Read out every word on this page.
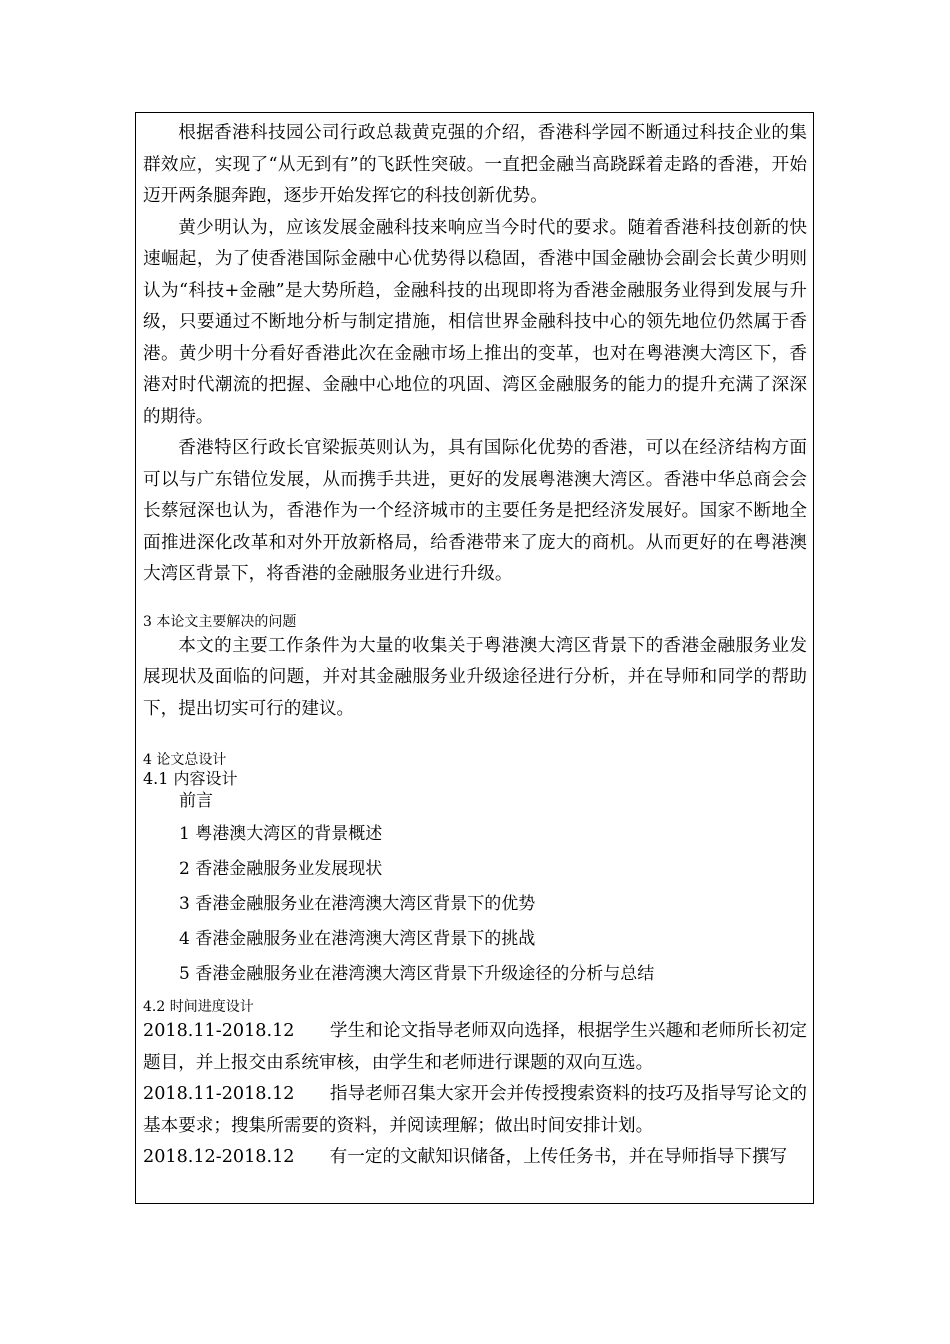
根据香港科技园公司行政总裁黄克强的介绍，香港科学园不断通过科技企业的集群效应，实现了“从无到有”的飞跃性突破。一直把金融当高跷踩着走路的香港，开始迈开两条腿奔跑，逐步开始发挥它的科技创新优势。

黄少明认为，应该发展金融科技来响应当今时代的要求。随着香港科技创新的快速崛起，为了使香港国际金融中心优势得以稳固，香港中国金融协会副会长黄少明则认为“科技+金融”是大势所趋，金融科技的出现即将为香港金融服务业得到发展与升级，只要通过不断地分析与制定措施，相信世界金融科技中心的领先地位仍然属于香港。黄少明十分看好香港此次在金融市场上推出的变革，也对在粤港澳大湾区下，香港对时代潮流的把握、金融中心地位的巩固、湾区金融服务的能力的提升充满了深深的期待。

香港特区行政长官梁振英则认为，具有国际化优势的香港，可以在经济结构方面可以与广东错位发展，从而携手共进，更好的发展粤港澳大湾区。香港中华总商会会长蔡冠深也认为，香港作为一个经济城市的主要任务是把经济发展好。国家不断地全面推进深化改革和对外开放新格局，给香港带来了庞大的商机。从而更好的在粤港澳大湾区背景下，将香港的金融服务业进行升级。

3 本论文主要解决的问题

本文的主要工作条件为大量的收集关于粤港澳大湾区背景下的香港金融服务业发展现状及面临的问题，并对其金融服务业升级途径进行分析，并在导师和同学的帮助下，提出切实可行的建议。

4 论文总设计

4.1 内容设计

前言

1 粤港澳大湾区的背景概述

2 香港金融服务业发展现状

3 香港金融服务业在港湾澳大湾区背景下的优势

4 香港金融服务业在港湾澳大湾区背景下的挑战

5 香港金融服务业在港湾澳大湾区背景下升级途径的分析与总结

4.2 时间进度设计

2018.11-2018.12　　 学生和论文指导老师双向选择，根据学生兴趣和老师所长初定题目，并上报交由系统审核，由学生和老师进行课题的双向互选。

2018.11-2018.12　　 指导老师召集大家开会并传授搜索资料的技巧及指导写论文的基本要求；搜集所需要的资料，并阅读理解；做出时间安排计划。

2018.12-2018.12　　 有一定的文献知识储备，上传任务书，并在导师指导下撰写
